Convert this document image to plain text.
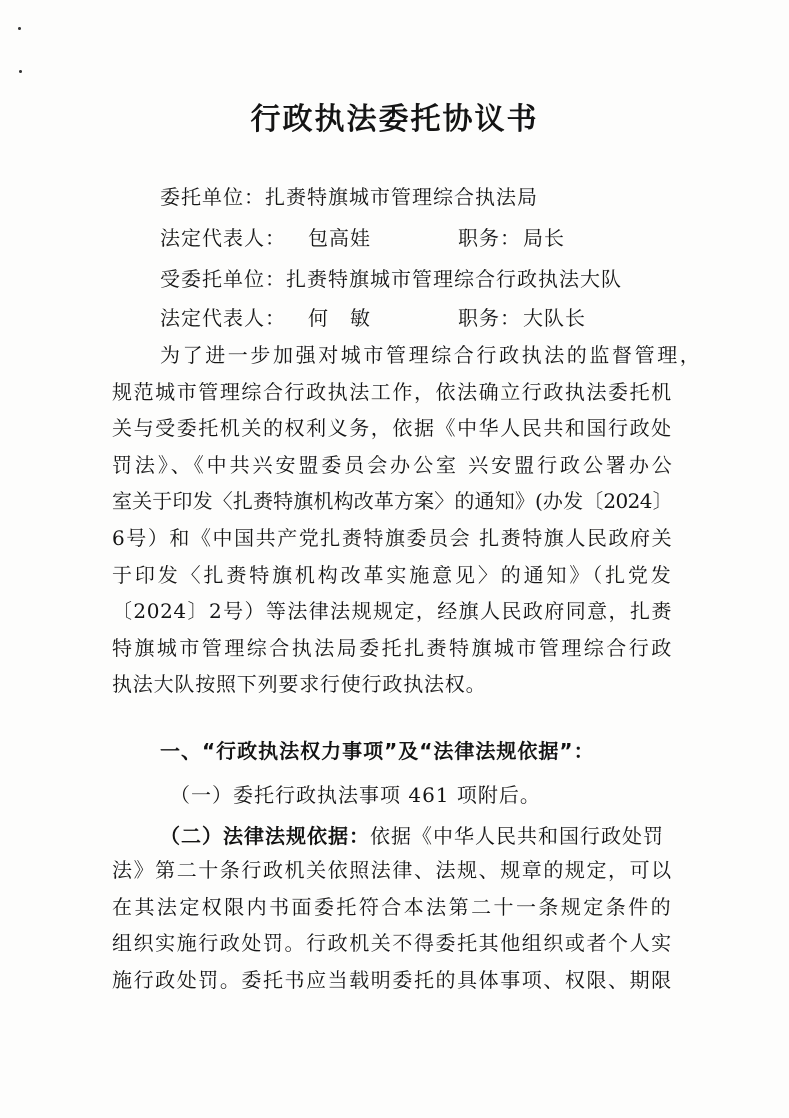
行政执法委托协议书
委托单位：扎赉特旗城市管理综合执法局
法定代表人： 包高娃	职务： 局长
受委托单位：扎赉特旗城市管理综合行政执法大队
法定代表人： 何　敏	职务： 大队长
为了进一步加强对城市管理综合行政执法的监督管理，
规范城市管理综合行政执法工作，依法确立行政执法委托机
关与受委托机关的权利义务，依据《中华人民共和国行政处
罚法》、《中共兴安盟委员会办公室 兴安盟行政公署办公
室关于印发〈扎赉特旗机构改革方案〉的通知》(办发〔2024〕
6号）和《中国共产党扎赉特旗委员会 扎赉特旗人民政府关
于印发〈扎赉特旗机构改革实施意见〉的通知》（扎党发
〔2024〕2号）等法律法规规定，经旗人民政府同意，扎赉
特旗城市管理综合执法局委托扎赉特旗城市管理综合行政
执法大队按照下列要求行使行政执法权。
一、“行政执法权力事项”及“法律法规依据”：
（一）委托行政执法事项 461 项附后。
（二）法律法规依据：依据《中华人民共和国行政处罚
法》第二十条行政机关依照法律、法规、规章的规定，可以
在其法定权限内书面委托符合本法第二十一条规定条件的
组织实施行政处罚。行政机关不得委托其他组织或者个人实
施行政处罚。委托书应当载明委托的具体事项、权限、期限
